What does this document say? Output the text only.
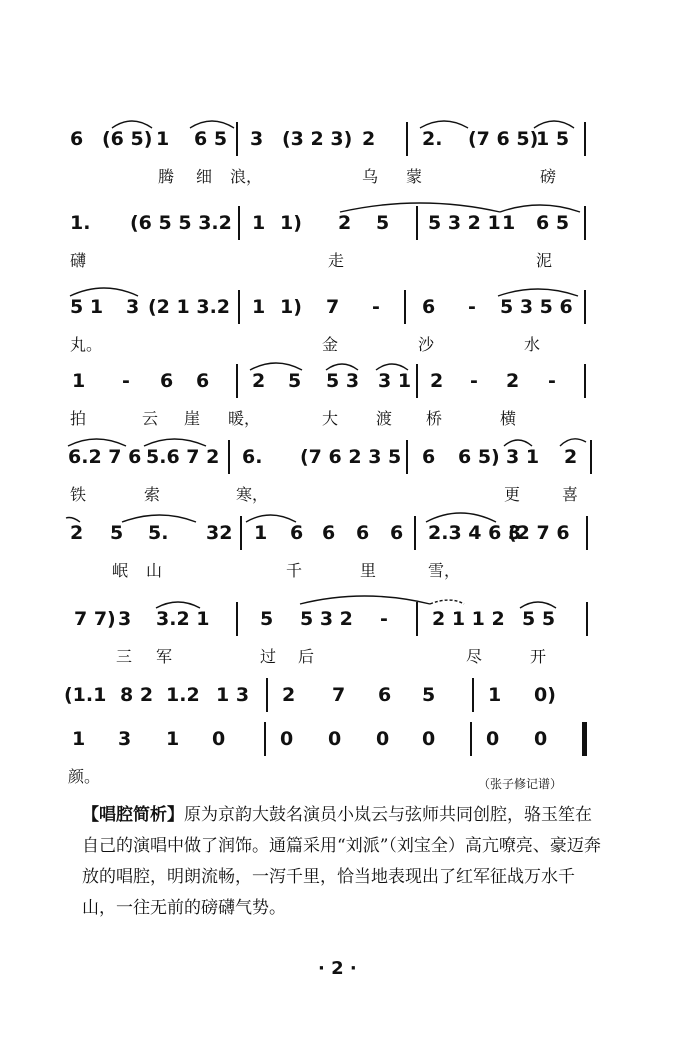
6 (6 5) 1 6 5 3 (3 2 3) 2 2. (7 6 5)
1 5
腾 细 浪，	乌 蒙	磅
1. (6 5 5 3.2 1 1) 2 5 5 3 2 1 1 6 5
礴	走	泥
5 1 3 (2 1 3.2 1 1) 7 - 6 - 5 3 5 6
丸。	金	沙	水
1 - 6 6 2 5 5 3 3 1 2 - 2 -
拍	云 崖 暖，	大 渡 桥	横
6.2 7 6 5.6 7 2 6. (7 6 2 3 5 6 6 5) 3 1 2
铁	索	寒，	更	喜
2 5 5. 32 1 6 6 6 6 2.3 4 6 3
(2 7 6
岷 山	千	里	雪，
7 7) 3 3.2 1	5 5 3 2 - 2 1 1 2 5 5
三 军	过 后	尽	开
(1.1 8 2 1.2 1 3 2 7 6 5	1 0)
1 3 1 0	0 0 0 0	0 0
颜。	（张子修记谱）
【唱腔简析】原为京韵大鼓名演员小岚云与弦师共同创腔，骆玉笙在自己的演唱中做了润饰。通篇采用“刘派”（刘宝全）高亢嘹亮、豪迈奔放的唱腔，明朗流畅，一泻千里，恰当地表现出了红军征战万水千山，一往无前的磅礴气势。
· 2 ·
